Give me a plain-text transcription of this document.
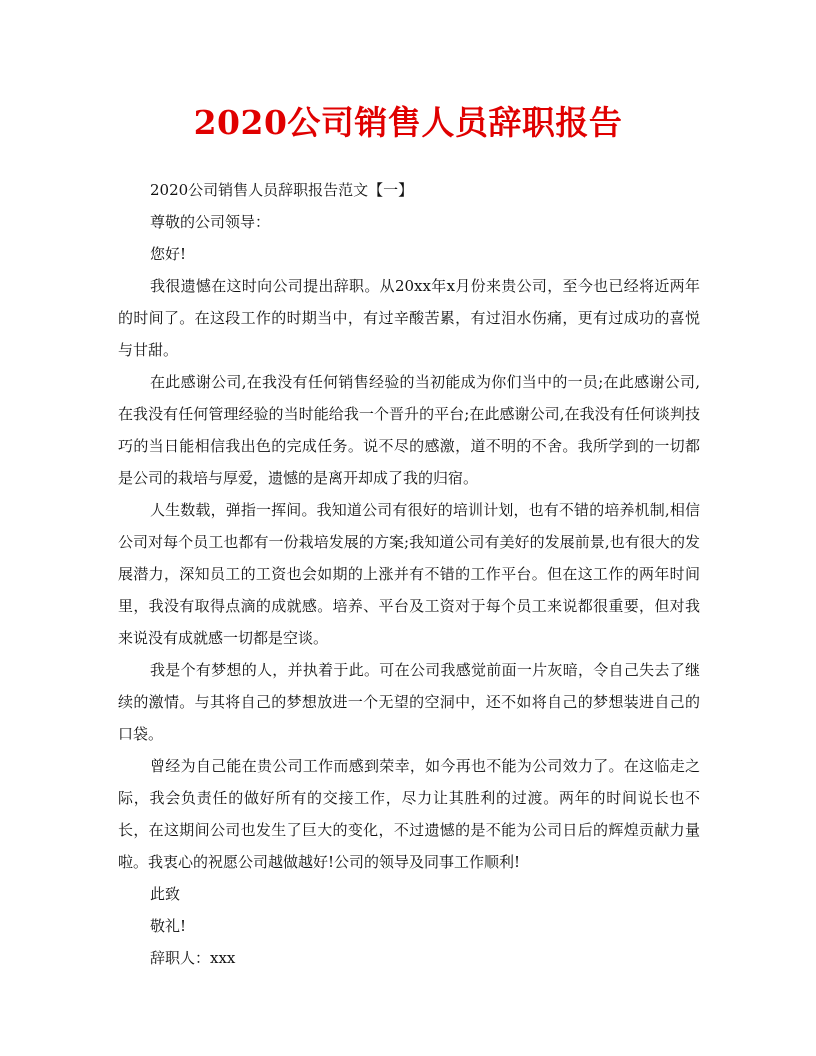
2020公司销售人员辞职报告

2020公司销售人员辞职报告范文【一】

尊敬的公司领导：

您好!

我很遗憾在这时向公司提出辞职。从20xx年x月份来贵公司，至今也已经将近两年的时间了。在这段工作的时期当中，有过辛酸苦累，有过泪水伤痛，更有过成功的喜悦与甘甜。

在此感谢公司,在我没有任何销售经验的当初能成为你们当中的一员;在此感谢公司,在我没有任何管理经验的当时能给我一个晋升的平台;在此感谢公司,在我没有任何谈判技巧的当日能相信我出色的完成任务。说不尽的感激，道不明的不舍。我所学到的一切都是公司的栽培与厚爱，遗憾的是离开却成了我的归宿。

人生数载，弹指一挥间。我知道公司有很好的培训计划，也有不错的培养机制,相信公司对每个员工也都有一份栽培发展的方案;我知道公司有美好的发展前景,也有很大的发展潜力，深知员工的工资也会如期的上涨并有不错的工作平台。但在这工作的两年时间里，我没有取得点滴的成就感。培养、平台及工资对于每个员工来说都很重要，但对我来说没有成就感一切都是空谈。

我是个有梦想的人，并执着于此。可在公司我感觉前面一片灰暗，令自己失去了继续的激情。与其将自己的梦想放进一个无望的空洞中，还不如将自己的梦想装进自己的口袋。

曾经为自己能在贵公司工作而感到荣幸，如今再也不能为公司效力了。在这临走之际，我会负责任的做好所有的交接工作，尽力让其胜利的过渡。两年的时间说长也不长，在这期间公司也发生了巨大的变化，不过遗憾的是不能为公司日后的辉煌贡献力量啦。我衷心的祝愿公司越做越好!公司的领导及同事工作顺利!

此致

敬礼!

辞职人：xxx
